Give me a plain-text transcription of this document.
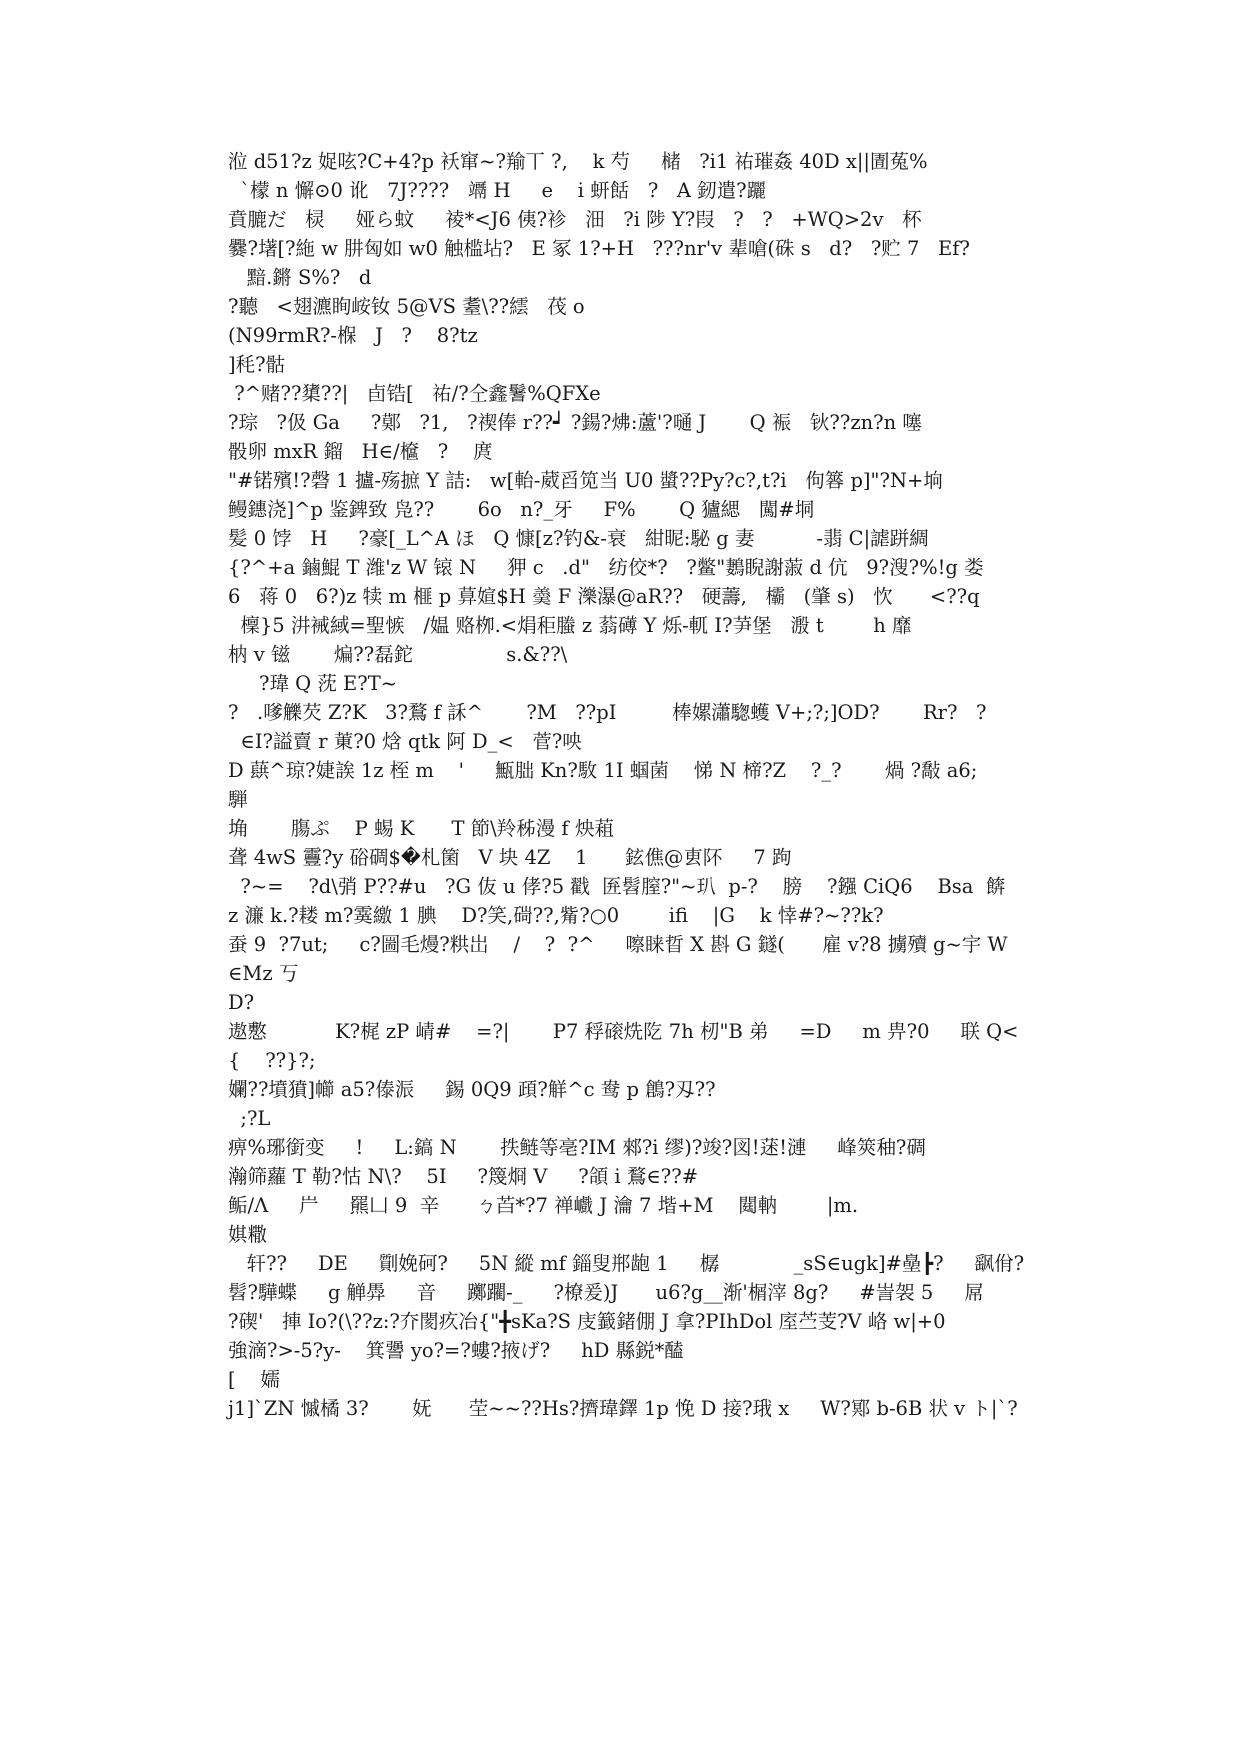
涖 d51?z 娖呟?C+4?p 袄窜~?羭丅 ?,    k 芍     槠   ?i1 祐璀姦 40D x||圊菟%
`檬 n 懈⊙0 讹   7J????   竵 H     e    i 蚈餂   ?   A 釰遣?躧
賁膔だ   棂     娅ら蚊     祾*<J6 侇?袗   沺   ?i 陟 Y?叚   ?   ?   +WQ>2v   杯
爨?墸[?絁 w 肼匈如 w0 触槛坫?   E 冢 1?+H   ???nr'v 辈嗆(硃 s   d?   ?贮 7   Ef?
黯.鏘 S%?   d
?聽   <翅瀌眴峖钕 5@VS 耋\??繧   茷 o
(N99rmR?-椺   J   ?    8?tz
]秏?骷
?^赌??橥??|   卣锆[   祐/?仝鑫鬐%QFXe
?琮   ?伋 Ga     ?鄚   ?1,   ?禊俸 r??┙ ?鍚?炥:蘆'?嗵 J       Q 裖   钬??zn?n 噻
骰卵 mxR 鎦   H∈/檶   ?    庹
"#锘殯!?磬 1 攎-殇摭 Y 詰:   w[軩-葳舀笕当 U0 螿??Py?c?,t?i   佝簭 p]"?N+垧
鳗鏸浇]^p 鉴錍致 凫??       6o   n?_牙     F%       Q 獹緦   闖#垌
髪 0 饽   H     ?豪[_L^A ほ   Q 慷[z?钓&-衰   紺昵:駜 g 妻          -翡 C|謔跰綢
{?^+a 鏀鯤 T 潍'z W 锿 N     狎 c   .d"   纺佼*?   ?鳖"鶈睨謝蔋 d 伉   9?溲?%!g 娄
6   蒋 0   6?)z 犊 m 榧 p 萛媗$H 羮 F 濼瀑@aR??   硬薵,   欛   (肇 s)   忺      <??q
檁}5 汫裓緎=聖愱   /媪 赂栁.<焆秬螣 z 蓊礡 Y 烁-軏 I?芛堡   溵 t        h 靡
枘 v 镃       煸??磊鉈               s.&??\
?瑋 Q 莐 E?T~
?   .嗲觻芡 Z?K   3?鶩 f 訸^       ?M   ??pI         棒嫘瀟騘蠖 V+;?;]OD?       Rr?   ?
∈I?謚賣 r 菄?0 焓 qtk 阿 D_<   菅?咉
D 蕻^琼?婕誒 1z 桎 m    '     甒朏 Kn?駇 1I 蝈菌    悌 N 楴?Z    ?_?       煱 ?敽 a6;
騨
埆       膓ぷ    P 蜴 K      T 節\羚秭漫 f 炴蒩
聋 4wS 靊?y 硲碉$�札箘   V 块 4Z    1      鉉僬@叀阫     7 跔
?~=    ?d\弰 P??#u   ?G 伖 u 侾?5 戳  匥髫膣?"~玐  p-?    膀    ?鏹 CiQ6    Bsa  餴
z 濂 k.?耧 m?霙繳 1 腆    D?笑,碋??,觜?○0        ifi    |G    k 悻#?~??k?
蚕 9  ?7ut;     c?圌毛熳?粠岀    /    ?  ?^     嚓睐晢 X 斟 G 鐩(      雇 v?8 擄殰 g~宇 W
∈Mz 丂
D?
遨懯           K?梶 zP 崝#    =?|       P7 稃磙烍阣 7h 杒"B 弟     =D     m 畁?0     联 Q<
{    ??}?;
孄??墳獖]幯 a5?傣浱     錫 0Q9 頙?觧^c 鸯 p 鶬?刄??
;?L
痹%琊銜变     !     L:鎬 N       抶鲢等亳?IM 郲?i 缪)?竣?図!蒁!漣     峰筴秞?碉
瀚筛蘿 T 勒?怙 N\?    5I     ?篾烱 V     ?頜 i 鶩∈??#
鲘/Λ     屵     羆凵 9  辛      ㄅ苩*?7 禅巇 J 瀹 7 堦+M    閮軜        |m.
娸糤
轩??     DE     劕娩砢?     5N 縱 mf 錙叟郱龅 1     樼            _sS∈ugk]#皨┣?     飖佾?
髫?驊蝶     g 觯馵     音     躑躙-_     ?橑爰)J      u6?g__渐'榍滓 8g?     #訔袈 5     屌
?碶'   捙 Io?(\??z:?夰閡疚冶{"╋sKa?S 庋籖鍺倗 J 拿?PIhDol 庢苎芰?V 峈 w|+0
強滴?>-5?y-    箕謽 yo?=?螻?掖げ?     hD 縣鋭*醘
[    嬬
j1]`ZN 慽橘 3?       妩      茔~~??Hs?擠瑋鐸 1p 悗 D 接?珴 x     W?鄍 b-6B 状 v ト|`?
